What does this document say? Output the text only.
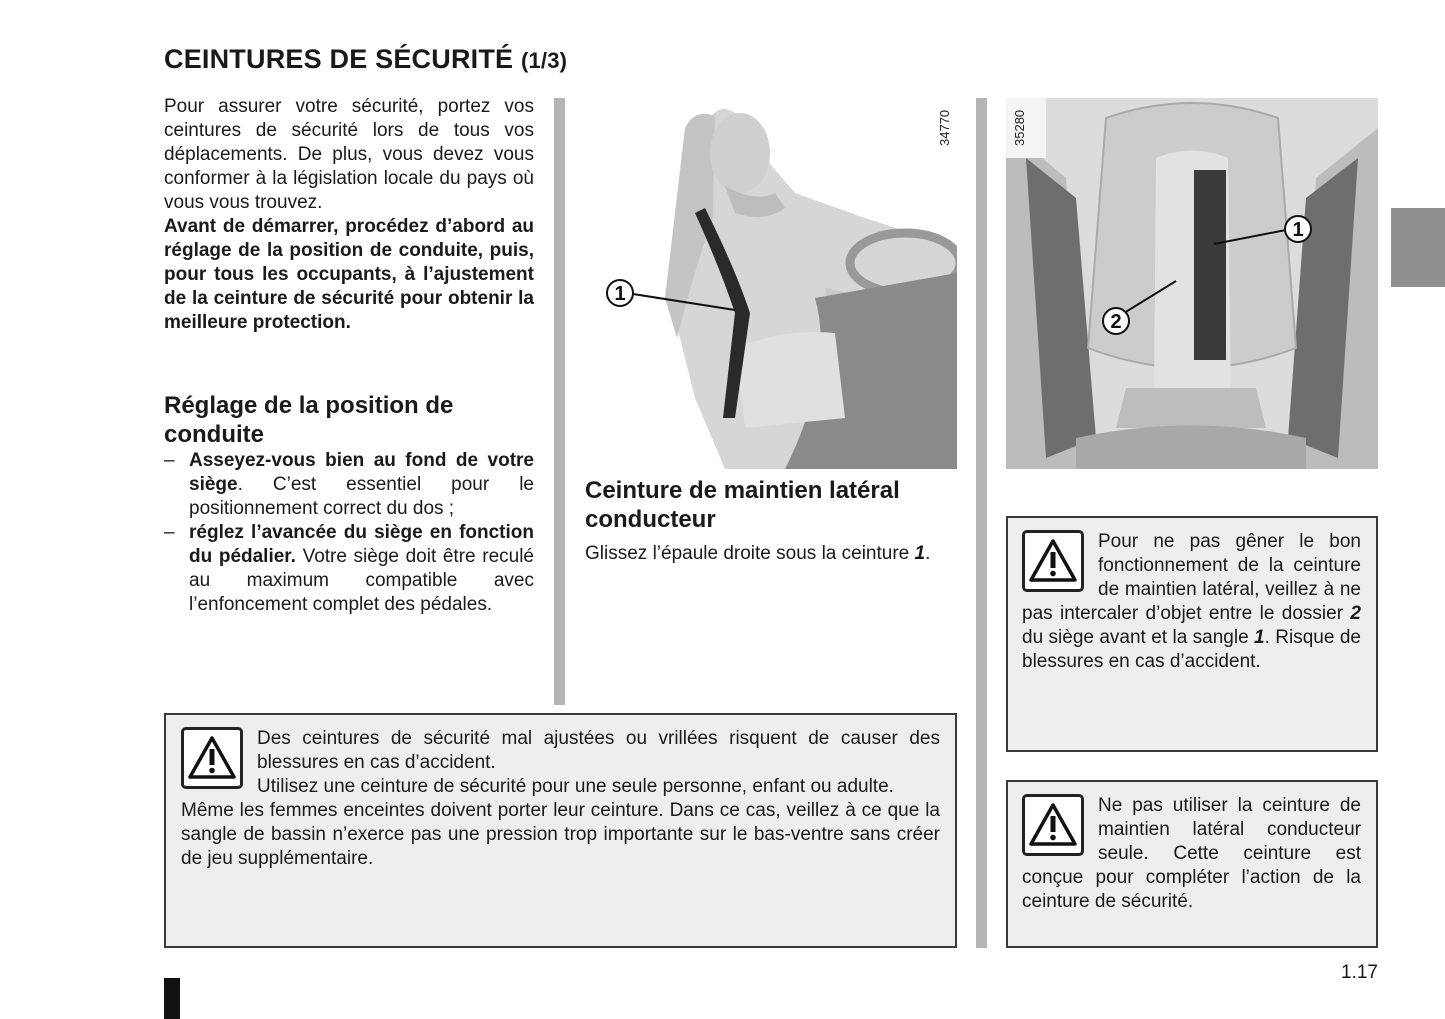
CEINTURES DE SÉCURITÉ (1/3)

Pour assurer votre sécurité, portez vos ceintures de sécurité lors de tous vos déplacements. De plus, vous devez vous conformer à la législation locale du pays où vous vous trouvez.

Avant de démarrer, procédez d’abord au réglage de la position de conduite, puis, pour tous les occupants, à l’ajustement de la ceinture de sécurité pour obtenir la meilleure protection.

Réglage de la position de conduite
– Asseyez-vous bien au fond de votre siège. C’est essentiel pour le positionnement correct du dos ;
– réglez l’avancée du siège en fonction du pédalier. Votre siège doit être reculé au maximum compatible avec l’enfoncement complet des pédales.
1
34770
1
2
35280
Ceinture de maintien latéral conducteur

Glissez l’épaule droite sous la ceinture 1.

Des ceintures de sécurité mal ajustées ou vrillées risquent de causer des blessures en cas d’accident.

Utilisez une ceinture de sécurité pour une seule personne, enfant ou adulte.

Même les femmes enceintes doivent porter leur ceinture. Dans ce cas, veillez à ce que la sangle de bassin n’exerce pas une pression trop importante sur le bas-ventre sans créer de jeu supplémentaire.

Pour ne pas gêner le bon fonctionnement de la ceinture de maintien latéral, veillez à ne pas intercaler d’objet entre le dossier 2 du siège avant et la sangle 1. Risque de blessures en cas d’accident.

Ne pas utiliser la ceinture de maintien latéral conducteur seule. Cette ceinture est conçue pour compléter l’action de la ceinture de sécurité.

1.17
